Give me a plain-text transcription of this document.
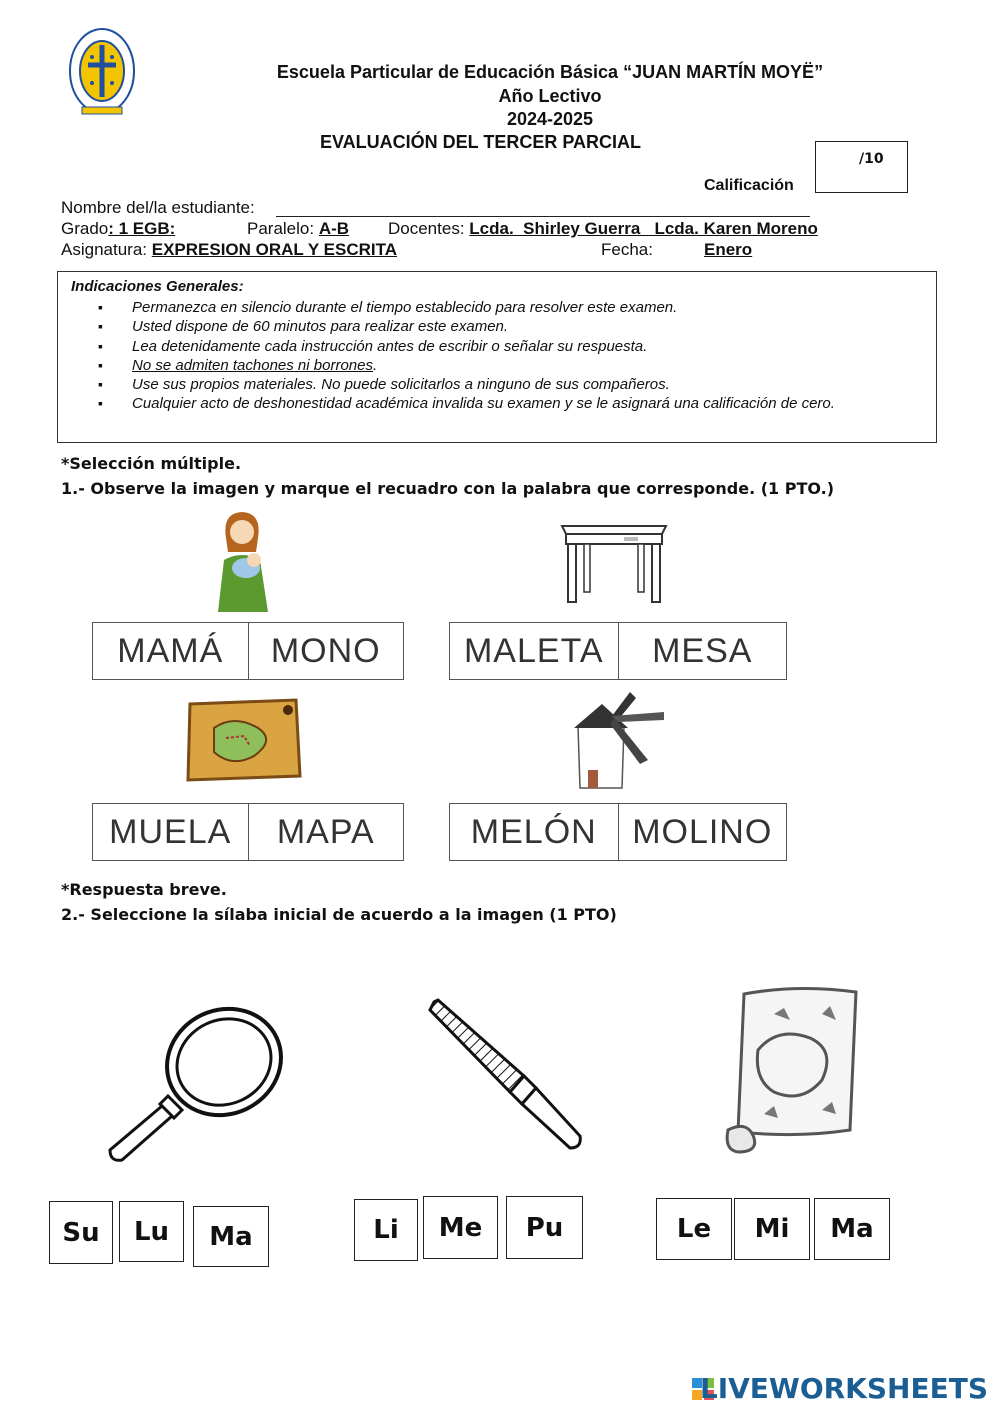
Escuela Particular de Educación Básica “JUAN MARTÍN MOYË”
Año Lectivo
2024-2025
EVALUACIÓN DEL TERCER PARCIAL
/10
Calificación
Nombre del/la estudiante:
Grado: 1 EGB:	Paralelo: A-B Docentes: Lcda.  Shirley Guerra   Lcda. Karen Moreno
Asignatura: EXPRESION ORAL Y ESCRITA	Fecha:	Enero
Indicaciones Generales:
▪ Permanezca en silencio durante el tiempo establecido para resolver este examen.
▪ Usted dispone de 60 minutos para realizar este examen.
▪ Lea detenidamente cada instrucción antes de escribir o señalar su respuesta.
▪ No se admiten tachones ni borrones.
▪ Use sus propios materiales. No puede solicitarlos a ninguno de sus compañeros.
▪ Cualquier acto de deshonestidad académica invalida su examen y se le asignará una calificación de cero.
*Selección múltiple.
1.- Observe la imagen y marque el recuadro con la palabra que corresponde. (1 PTO.)
MAMÁ	MONO	MALETA	MESA
MUELA	MAPA	MELÓN	MOLINO
*Respuesta breve.
2.- Seleccione la sílaba inicial de acuerdo a la imagen (1 PTO)
Su	Lu	Ma	Li	Me	Pu	Le	Mi	Ma
LIVEWORKSHEETS
